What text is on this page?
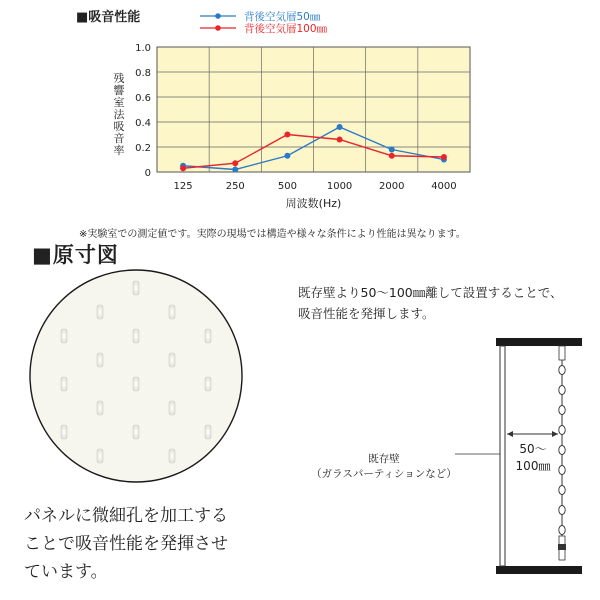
■吸音性能
0
0.2
0.4
0.6
0.8
1.0
125	250	500	1000	2000	4000
背後空気層50㎜
背後空気層100㎜
周波数(Hz)
残
響
室
法
吸
音
率
※実験室での測定値です。実際の現場では構造や様々な条件により性能は異なります。
■原寸図
パネルに微細孔を加工する
ことで吸音性能を発揮させ
ています。
既存壁より50～100㎜離して設置することで、
吸音性能を発揮します。
既存壁
（ガラスパーティションなど）
50～
100㎜
